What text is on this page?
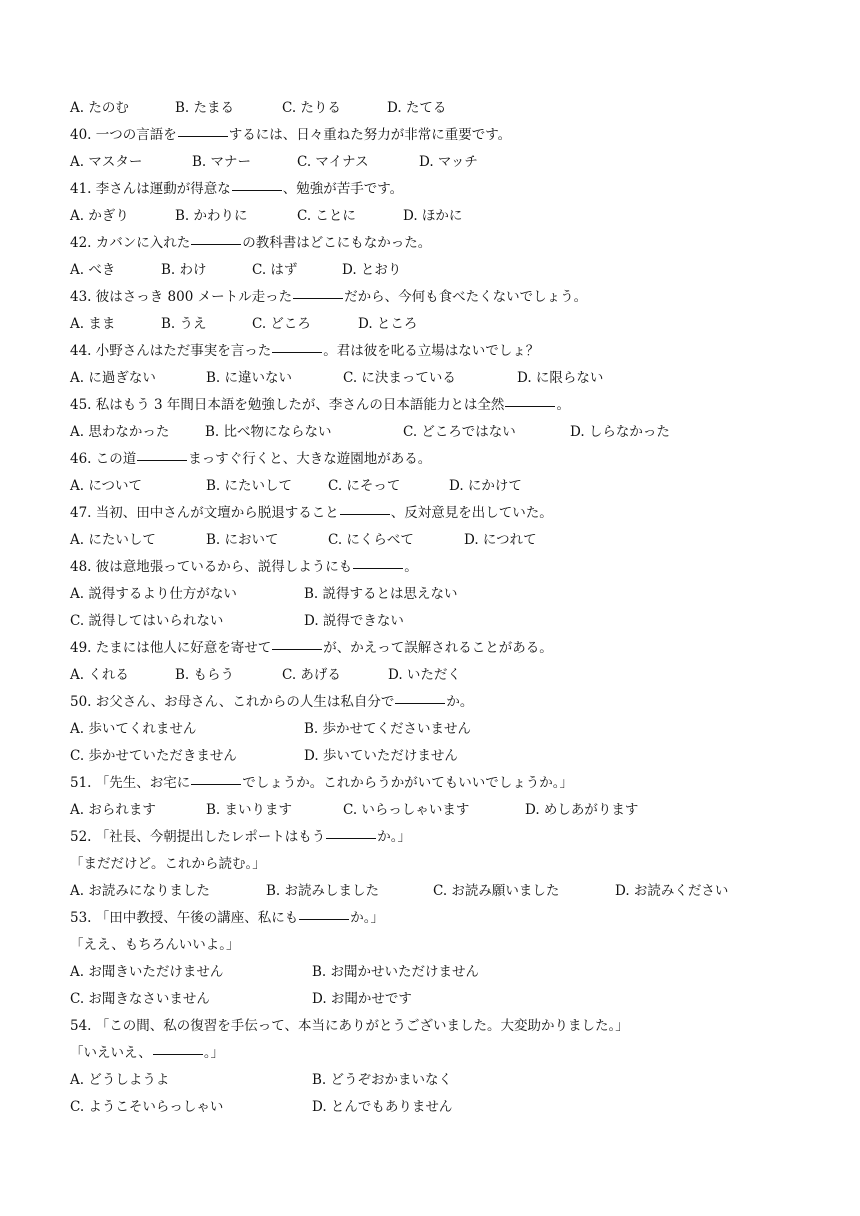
A. たのむ	B. たまる	C. たりる	D. たてる
40. 一つの言語を	するには、日々重ねた努力が非常に重要です。
A. マスター	B. マナー	C. マイナス	D. マッチ
41. 李さんは運動が得意な	、勉強が苦手です。
A. かぎり	B. かわりに	C. ことに	D. ほかに
42. カバンに入れた	の教科書はどこにもなかった。
A. べき	B. わけ	C. はず	D. とおり
43. 彼はさっき 800 メートル走った	だから、今何も食べたくないでしょう。
A. まま	B. うえ	C. どころ	D. ところ
44. 小野さんはただ事実を言った	。君は彼を叱る立場はないでしょ？
A. に過ぎない	B. に違いない	C. に決まっている	D. に限らない
45. 私はもう 3 年間日本語を勉強したが、李さんの日本語能力とは全然	。
A. 思わなかった	B. 比べ物にならない	C. どころではない	D. しらなかった
46. この道	まっすぐ行くと、大きな遊園地がある。
A. について	B. にたいして	C. にそって	D. にかけて
47. 当初、田中さんが文壇から脱退すること	、反対意見を出していた。
A. にたいして	B. において	C. にくらべて	D. につれて
48. 彼は意地張っているから、説得しようにも	。
A. 説得するより仕方がない	B. 説得するとは思えない
C. 説得してはいられない	D. 説得できない
49. たまには他人に好意を寄せて	が、かえって誤解されることがある。
A. くれる	B. もらう	C. あげる	D. いただく
50. お父さん、お母さん、これからの人生は私自分で	か。
A. 歩いてくれません	B. 歩かせてくださいません
C. 歩かせていただきません	D. 歩いていただけません
51. 「先生、お宅に	でしょうか。これからうかがいてもいいでしょうか。」
A. おられます	B. まいります	C. いらっしゃいます	D. めしあがります
52. 「社長、今朝提出したレポートはもう	か。」
「まだだけど。これから読む。」
A. お読みになりました	B. お読みしました	C. お読み願いました	D. お読みください
53. 「田中教授、午後の講座、私にも	か。」
「ええ、もちろんいいよ。」
A. お聞きいただけません	B. お聞かせいただけません
C. お聞きなさいません	D. お聞かせです
54. 「この間、私の復習を手伝って、本当にありがとうございました。大変助かりました。」
「いえいえ、	。」
A. どうしようよ	B. どうぞおかまいなく
C. ようこそいらっしゃい	D. とんでもありません
